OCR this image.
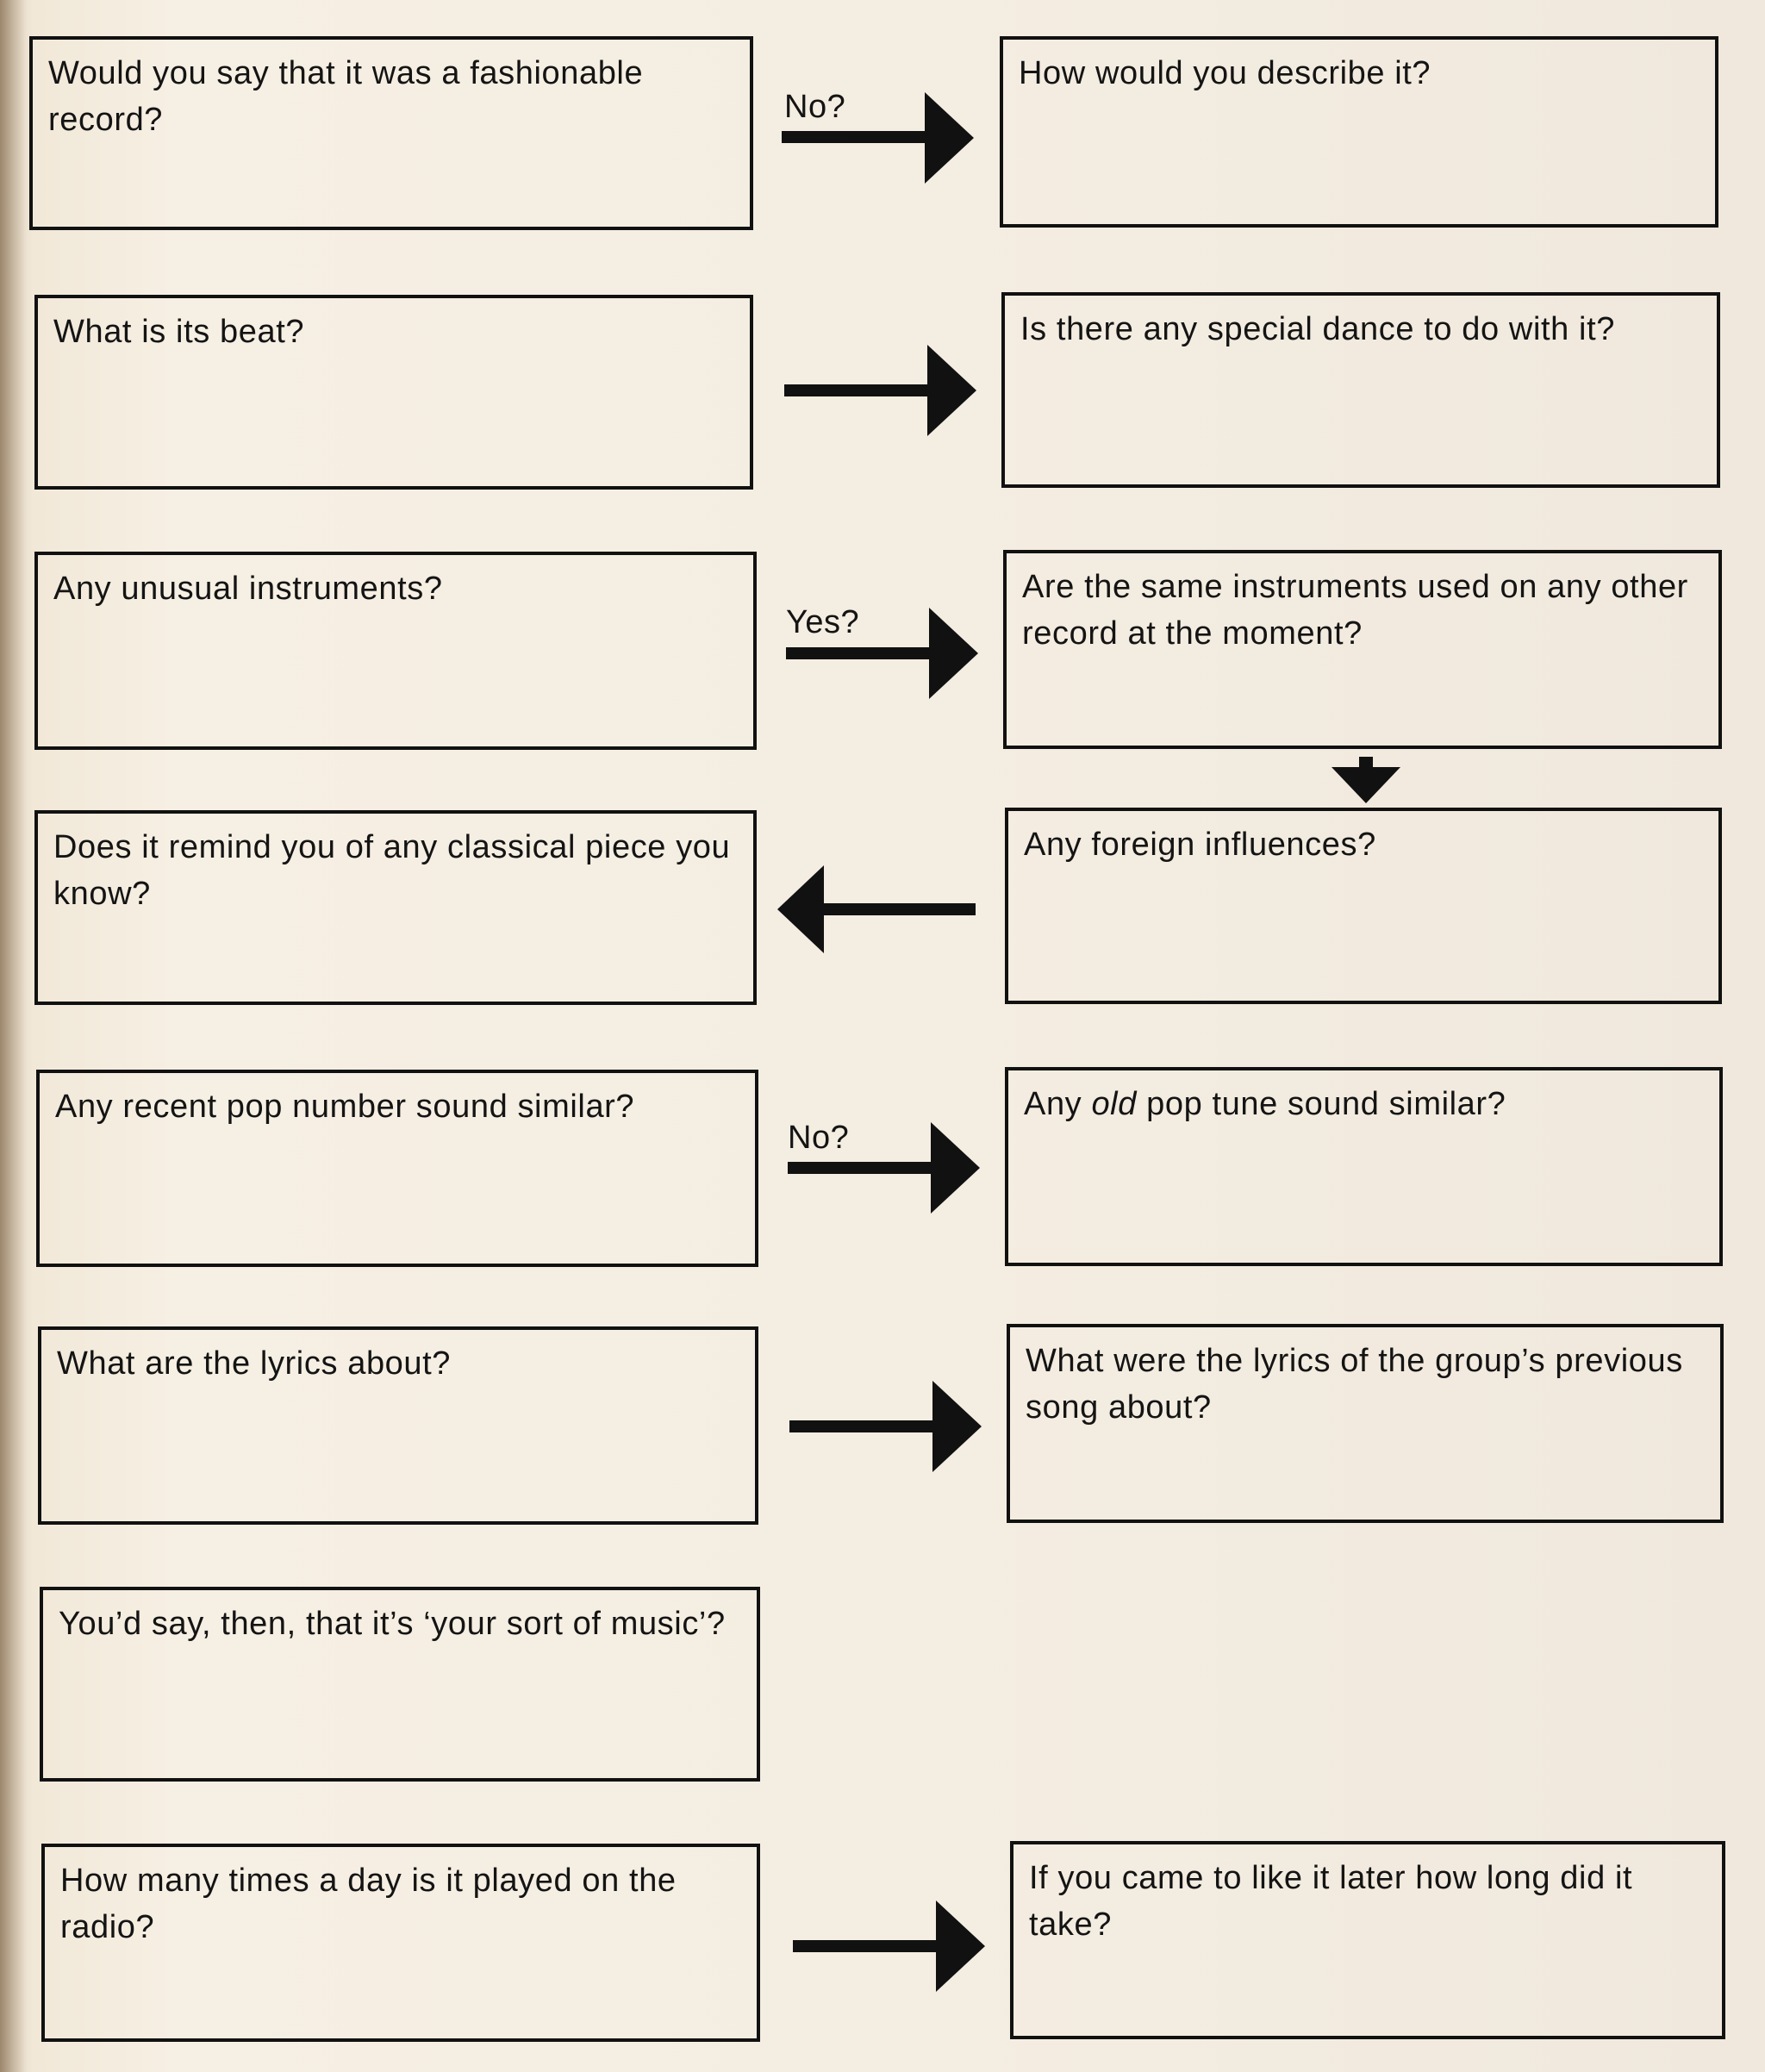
Would you say that it was a fashionable record?	No?

How would you describe it?

What is its beat?	Is there any special dance to do with it?

Any unusual instruments?

Yes?

Are the same instruments used on any other record at the moment?

Does it remind you of any classical piece you know?

Any foreign influences?

Any recent pop number sound similar?

No?

Any old pop tune sound similar?

What are the lyrics about?	What were the lyrics of the group’s previous song about?

You’d say, then, that it’s ‘your sort of music’?

How many times a day is it played on the radio?

If you came to like it later how long did it take?
